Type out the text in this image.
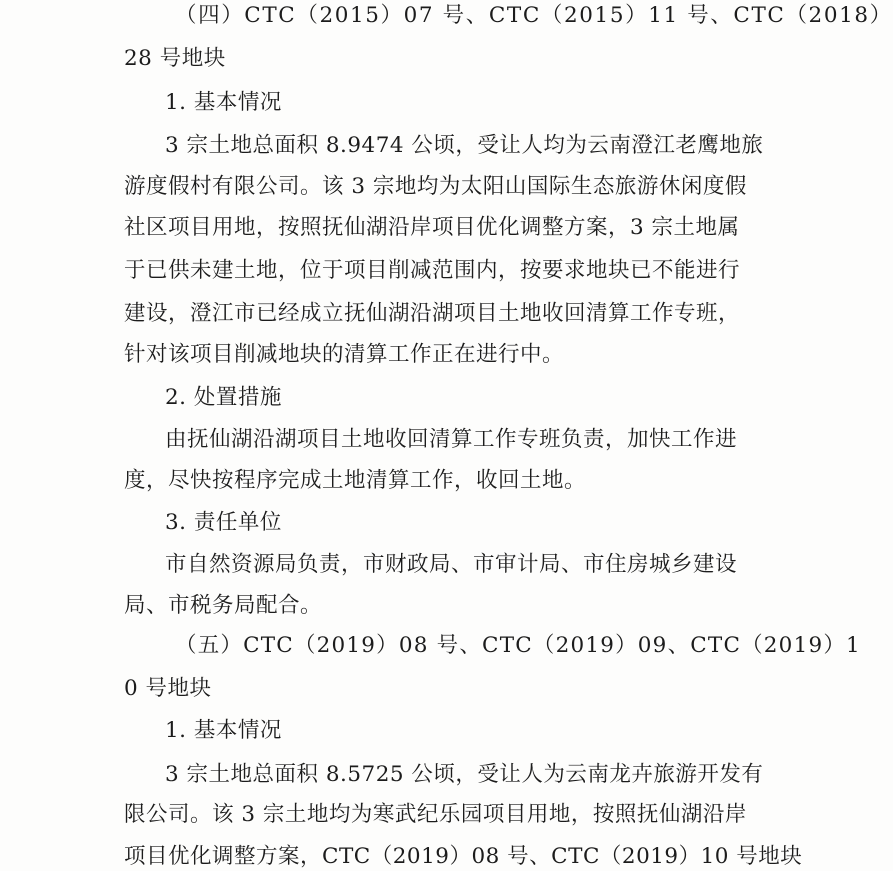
（四）CTC（2015）07 号、CTC（2015）11 号、CTC（2018）
28 号地块
1. 基本情况
3 宗土地总面积 8.9474 公顷，受让人均为云南澄江老鹰地旅
游度假村有限公司。该 3 宗地均为太阳山国际生态旅游休闲度假
社区项目用地，按照抚仙湖沿岸项目优化调整方案，3 宗土地属
于已供未建土地，位于项目削减范围内，按要求地块已不能进行
建设，澄江市已经成立抚仙湖沿湖项目土地收回清算工作专班，
针对该项目削减地块的清算工作正在进行中。
2. 处置措施
由抚仙湖沿湖项目土地收回清算工作专班负责，加快工作进
度，尽快按程序完成土地清算工作，收回土地。
3. 责任单位
市自然资源局负责，市财政局、市审计局、市住房城乡建设
局、市税务局配合。
（五）CTC（2019）08 号、CTC（2019）09、CTC（2019）1
0 号地块
1. 基本情况
3 宗土地总面积 8.5725 公顷，受让人为云南龙卉旅游开发有
限公司。该 3 宗土地均为寒武纪乐园项目用地，按照抚仙湖沿岸
项目优化调整方案，CTC（2019）08 号、CTC（2019）10 号地块
